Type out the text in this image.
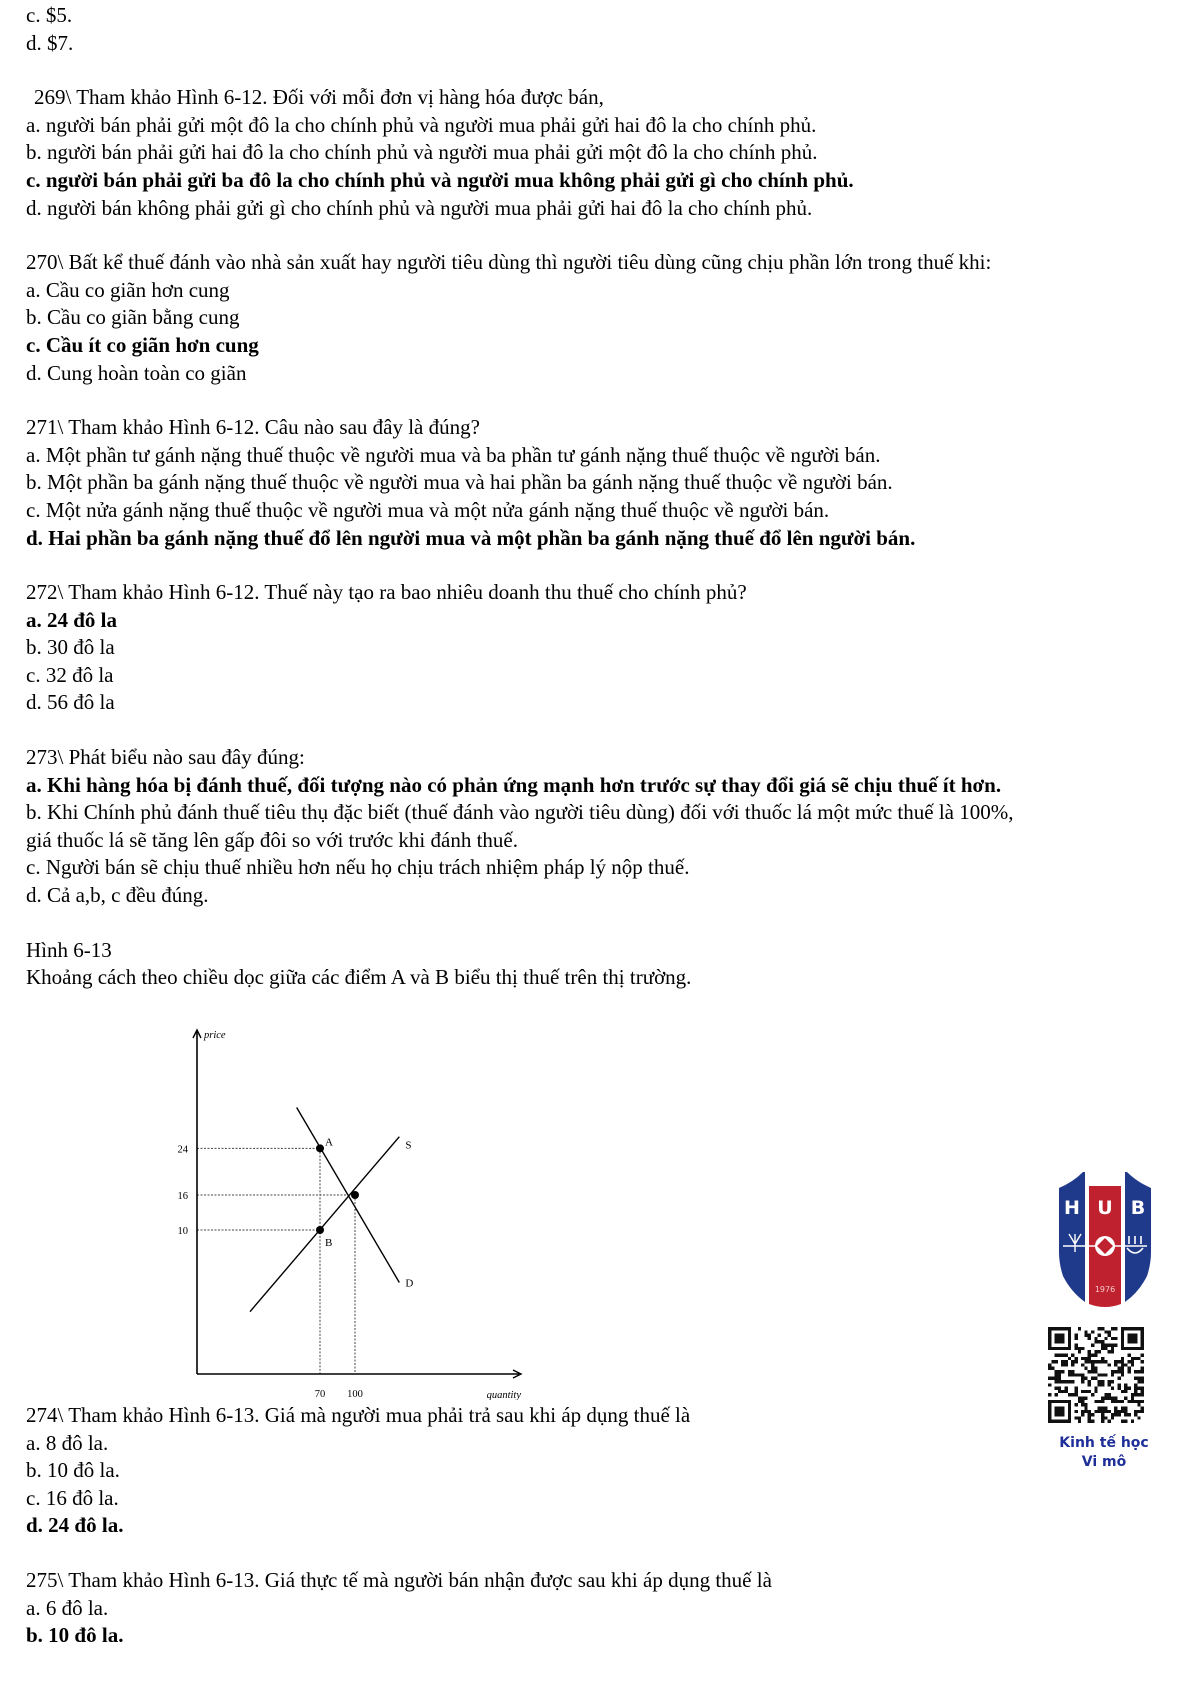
c. $5.
d. $7.
269\ Tham khảo Hình 6-12. Đối với mỗi đơn vị hàng hóa được bán,
a. người bán phải gửi một đô la cho chính phủ và người mua phải gửi hai đô la cho chính phủ.
b. người bán phải gửi hai đô la cho chính phủ và người mua phải gửi một đô la cho chính phủ.
c. người bán phải gửi ba đô la cho chính phủ và người mua không phải gửi gì cho chính phủ.
d. người bán không phải gửi gì cho chính phủ và người mua phải gửi hai đô la cho chính phủ.
270\ Bất kể thuế đánh vào nhà sản xuất hay người tiêu dùng thì người tiêu dùng cũng chịu phần lớn trong thuế khi:
a. Cầu co giãn hơn cung
b. Cầu co giãn bằng cung
c. Cầu ít co giãn hơn cung
d. Cung hoàn toàn co giãn
271\ Tham khảo Hình 6-12. Câu nào sau đây là đúng?
a. Một phần tư gánh nặng thuế thuộc về người mua và ba phần tư gánh nặng thuế thuộc về người bán.
b. Một phần ba gánh nặng thuế thuộc về người mua và hai phần ba gánh nặng thuế thuộc về người bán.
c. Một nửa gánh nặng thuế thuộc về người mua và một nửa gánh nặng thuế thuộc về người bán.
d. Hai phần ba gánh nặng thuế đổ lên người mua và một phần ba gánh nặng thuế đổ lên người bán.
272\ Tham khảo Hình 6-12. Thuế này tạo ra bao nhiêu doanh thu thuế cho chính phủ?
a. 24 đô la
b. 30 đô la
c. 32 đô la
d. 56 đô la
273\ Phát biểu nào sau đây đúng:
a. Khi hàng hóa bị đánh thuế, đối tượng nào có phản ứng mạnh hơn trước sự thay đổi giá sẽ chịu thuế ít hơn.
b. Khi Chính phủ đánh thuế tiêu thụ đặc biết (thuế đánh vào người tiêu dùng) đối với thuốc lá một mức thuế là 100%,
giá thuốc lá sẽ tăng lên gấp đôi so với trước khi đánh thuế.
c. Người bán sẽ chịu thuế nhiều hơn nếu họ chịu trách nhiệm pháp lý nộp thuế.
d. Cả a,b, c đều đúng.
Hình 6-13
Khoảng cách theo chiều dọc giữa các điểm A và B biểu thị thuế trên thị trường.
S
D
A
B
price
quantity
10
16
24
70 100
274\ Tham khảo Hình 6-13. Giá mà người mua phải trả sau khi áp dụng thuế là
a. 8 đô la.
b. 10 đô la.
c. 16 đô la.
d. 24 đô la.
275\ Tham khảo Hình 6-13. Giá thực tế mà người bán nhận được sau khi áp dụng thuế là
a. 6 đô la.
b. 10 đô la.
H U B
1976
Kinh tế học
Vi mô
